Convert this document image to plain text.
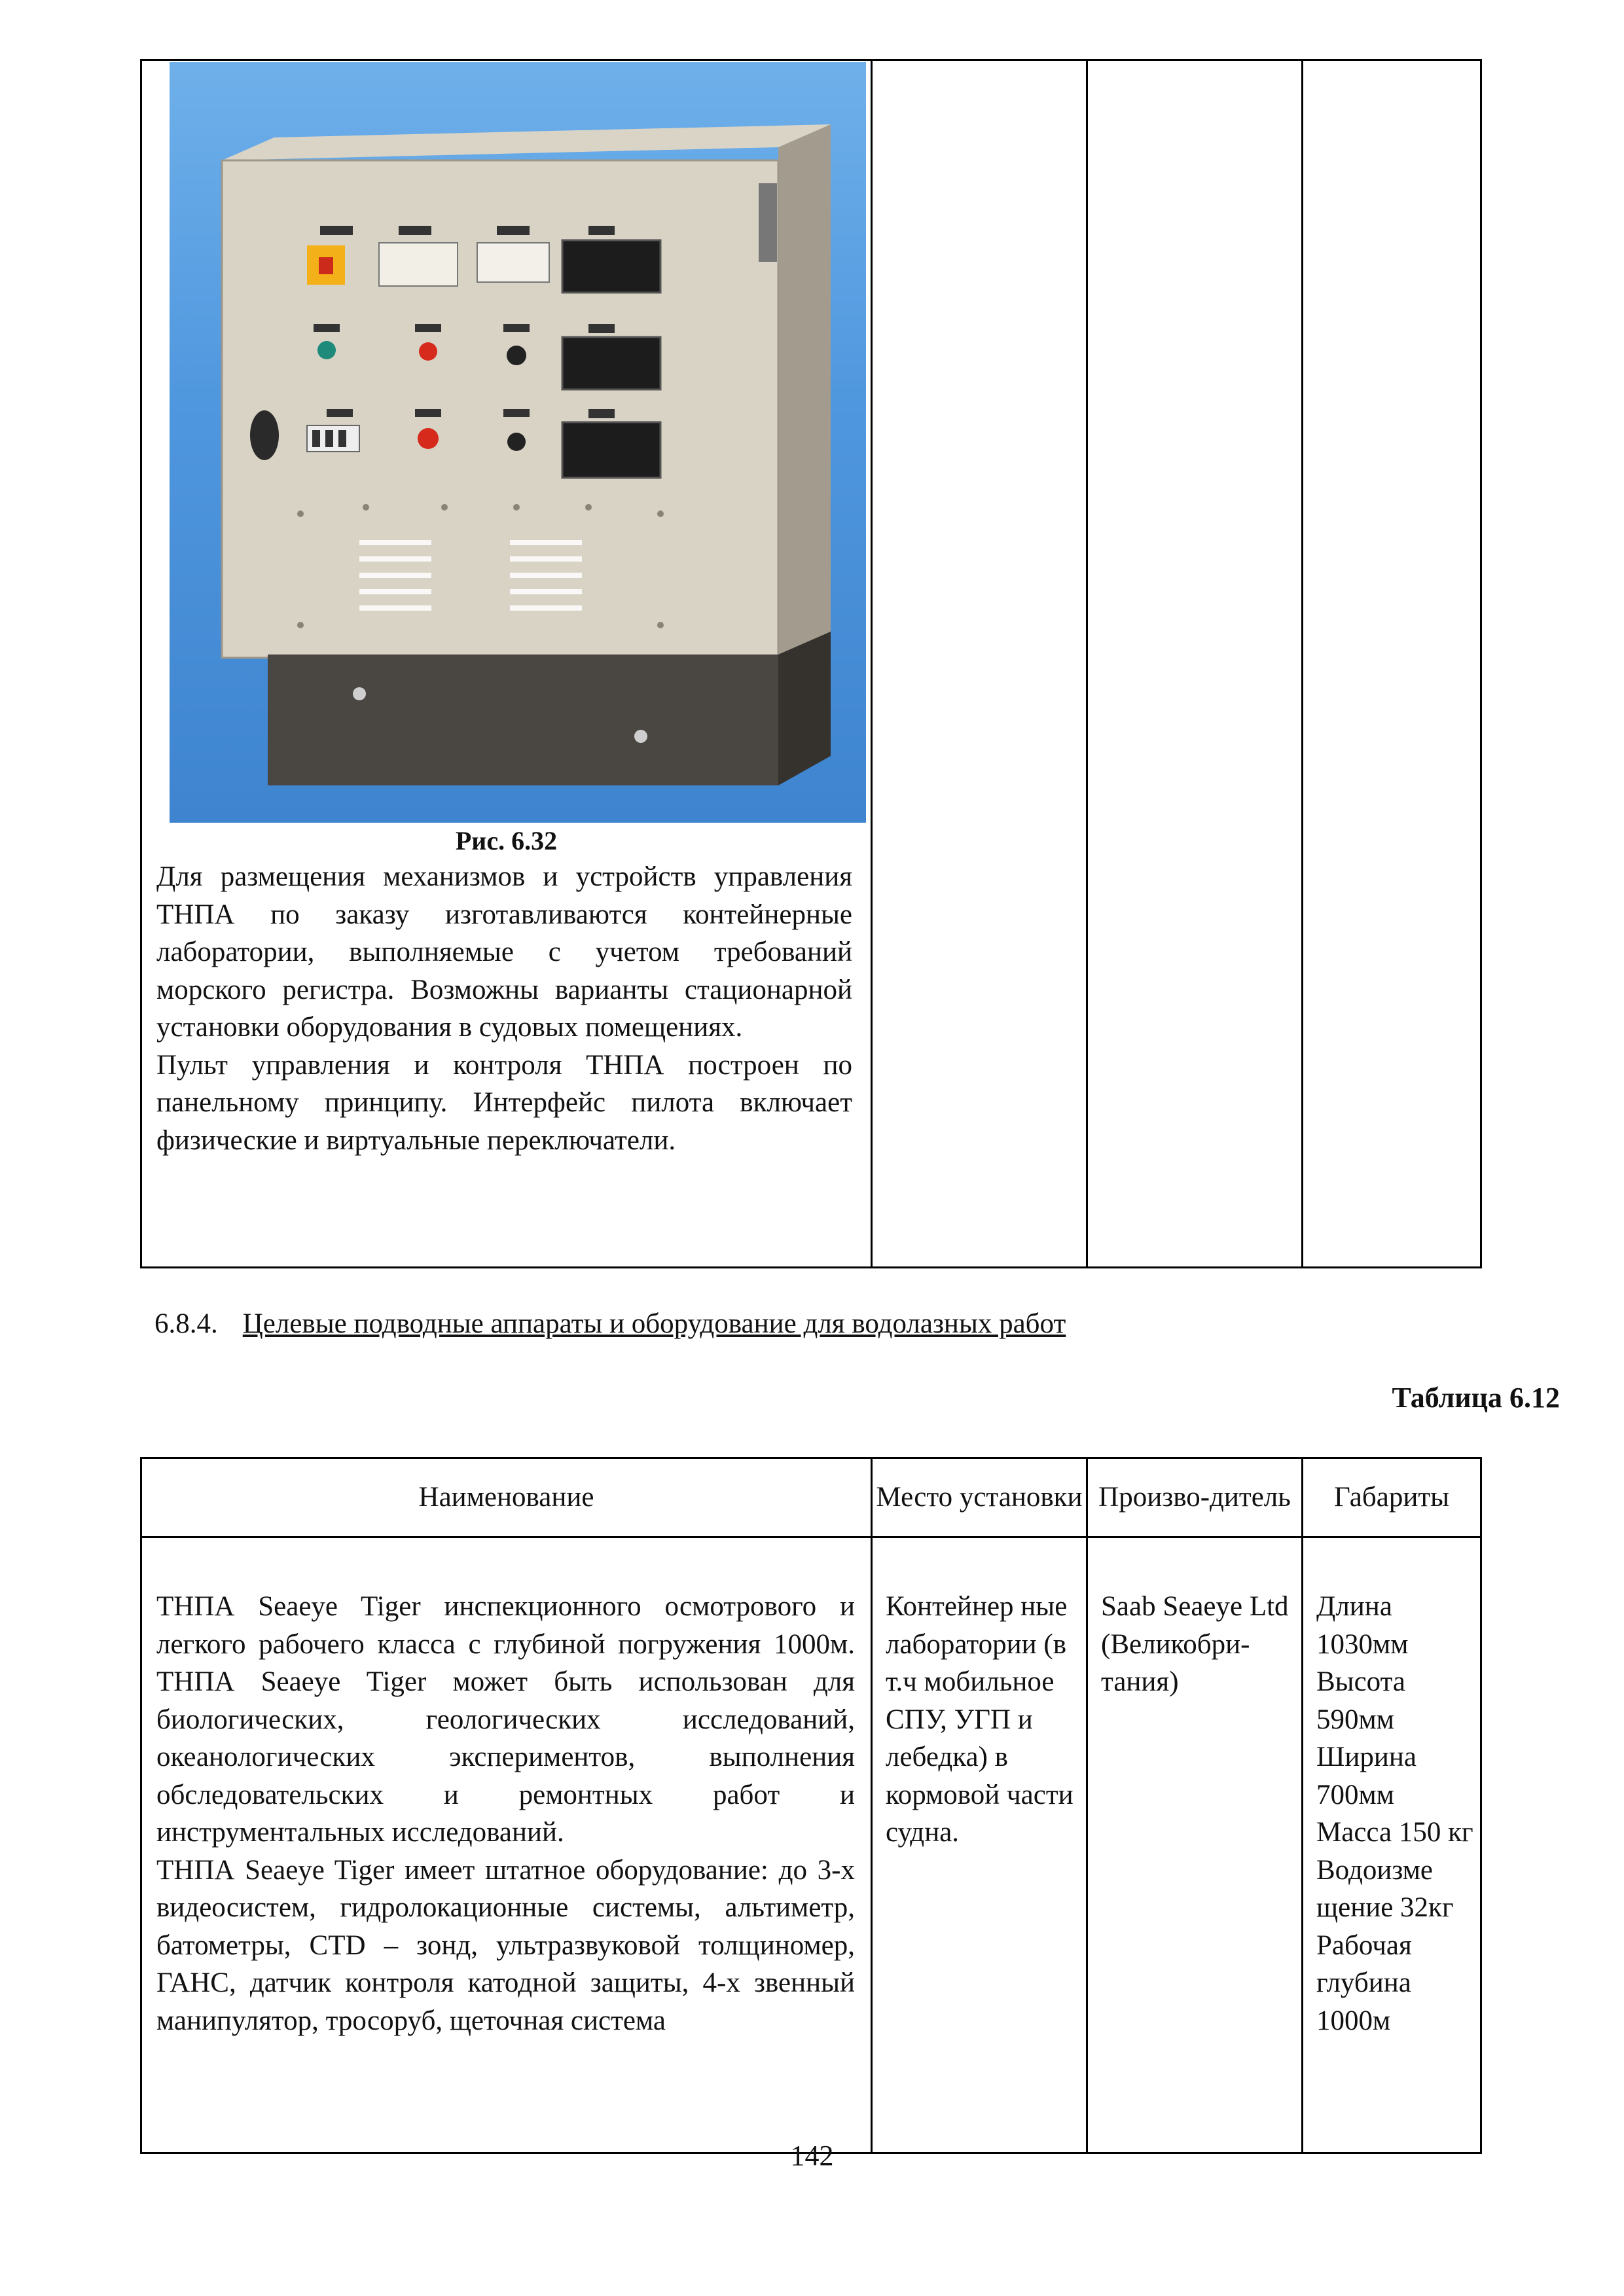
Рис. 6.32

Для размещения механизмов и устройств управления ТНПА по заказу изготавливаются контейнерные лаборатории, выполняемые с учетом требований морского регистра. Возможны варианты стационарной установки оборудования в судовых помещениях.

Пульт управления и контроля ТНПА построен по панельному принципу. Интерфейс пилота включает физические и виртуальные переключатели.

6.8.4. Целевые подводные аппараты и оборудование для водолазных работ
Таблица 6.12
Наименование	Место установки	Произво-дитель	Габариты

ТНПА Seaeye Tiger инспекционного осмотрового и легкого рабочего класса с глубиной погружения 1000м. ТНПА Seaeye Tiger может быть использован для биологических, геологических исследований, океанологических экспериментов, выполнения обследовательских и ремонтных работ и инструментальных исследований.

ТНПА Seaeye Tiger имеет штатное оборудование: до 3-х видеосистем, гидролокационные системы, альтиметр, батометры, CTD – зонд, ультразвуковой толщиномер, ГАНС, датчик контроля катодной защиты, 4-х звенный манипулятор, тросоруб, щеточная система	Контейнер ные лаборатории (в т.ч мобильное СПУ, УГП и лебедка) в кормовой части судна.	Saab Seaeye Ltd (Великобри-тания)	Длина 1030мм Высота 590мм Ширина 700мм Масса 150 кг Водоизме щение 32кг Рабочая глубина 1000м

142
